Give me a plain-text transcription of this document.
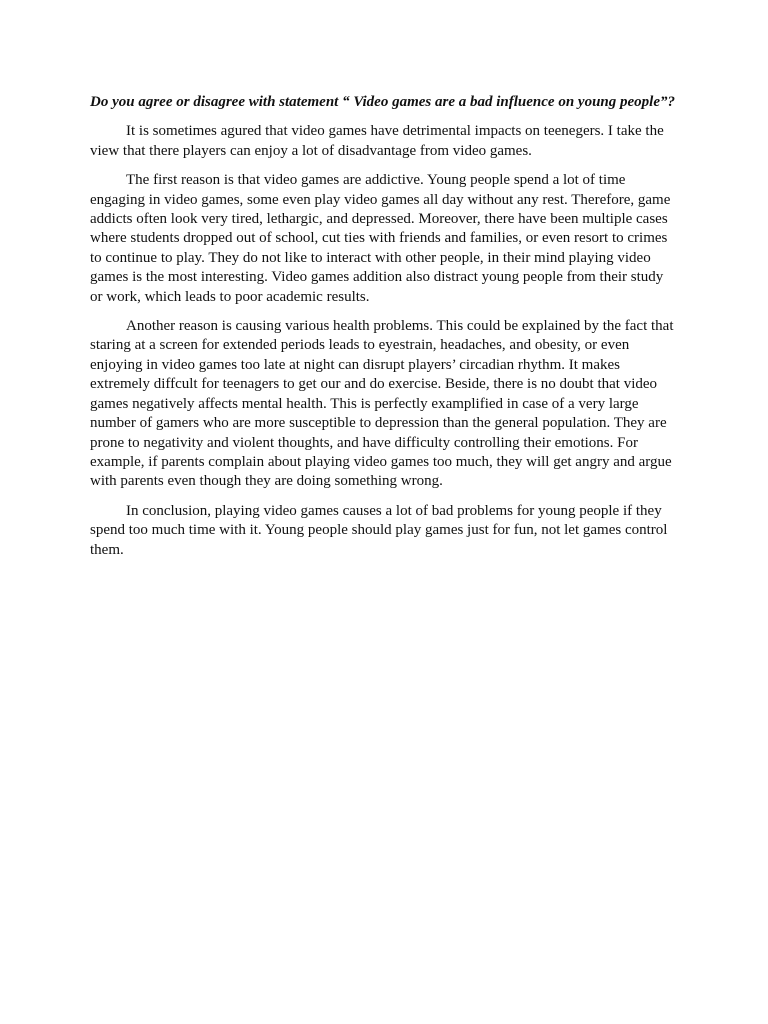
Do you agree or disagree with statement “ Video games are a bad influence on young people”?

It is sometimes agured that video games have detrimental impacts on teenegers. I take the view that there players can enjoy a lot of disadvantage from video games.

The first reason is that video games are addictive. Young people spend a lot of time engaging in video games, some even play video games all day without any rest. Therefore, game addicts often look very tired, lethargic, and depressed. Moreover, there have been multiple cases where students dropped out of school, cut ties with friends and families, or even resort to crimes to continue to play. They do not like to interact with other people, in their mind playing video games is the most interesting. Video games addition also distract young people from their study or work, which leads to poor academic results.

Another reason is causing various health problems. This could be explained by the fact that staring at a screen for extended periods leads to eyestrain, headaches, and obesity, or even enjoying in video games too late at night can disrupt players’ circadian rhythm. It makes extremely diffcult for teenagers to get our and do exercise. Beside, there is no doubt that video games negatively affects mental health. This is perfectly examplified in case of a very large number of gamers who are more susceptible to depression than the general population. They are prone to negativity and violent thoughts, and have difficulty controlling their emotions. For example, if parents complain about playing video games too much, they will get angry and argue with parents even though they are doing something wrong.

In conclusion, playing video games causes a lot of bad problems for young people if they spend too much time with it. Young people should play games just for fun, not let games control them.
